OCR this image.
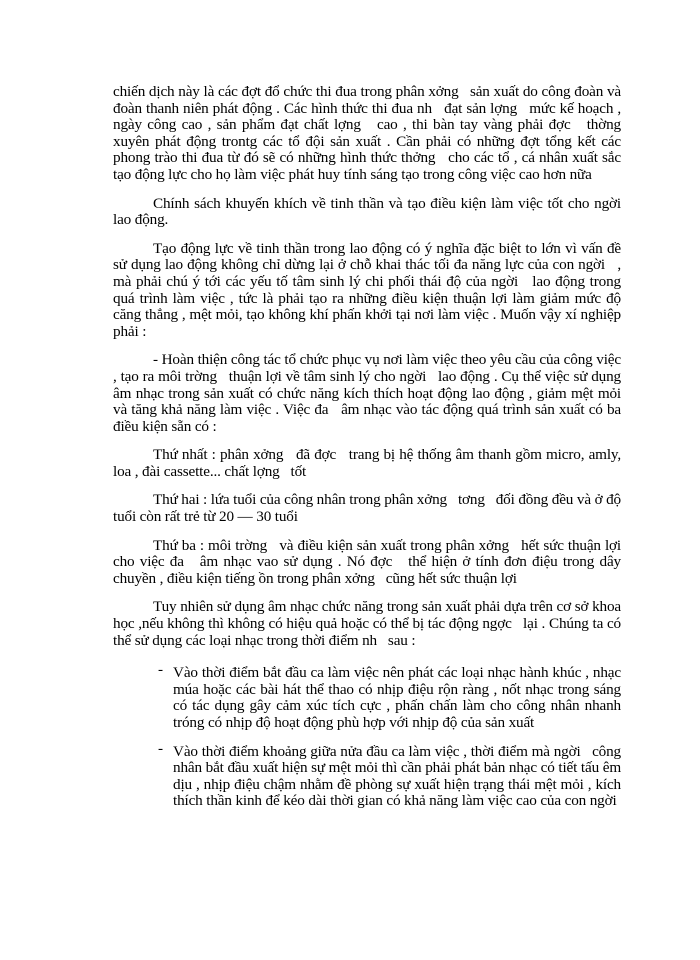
chiến dịch này là các đợt đổ chức thi đua trong phân xởng   sản xuất do công đoàn và đoàn thanh niên phát động . Các hình thức thi đua nh   đạt sản lợng   mức kế hoạch , ngày công cao , sản phẩm đạt chất lợng   cao , thi bàn tay vàng phải đợc   thờng   xuyên phát động trontg các tổ đội sản xuất . Cần phải có những đợt tổng kết các phong trào thi đua từ đó sẽ có những hình thức thởng   cho các tổ , cá nhân xuất sắc tạo động lực cho họ làm việc phát huy tính sáng tạo trong công việc cao hơn nữa

Chính sách khuyến khích về tinh thần và tạo điều kiện làm việc tốt cho ngời   lao động.

Tạo động lực về tinh thần trong lao động có ý nghĩa đặc biệt to lớn vì vấn đề sử dụng lao động không chỉ dừng lại ở chỗ khai thác tối đa năng lực của con ngời   , mà phải chú ý tới các yếu tố tâm sinh lý chi phối thái độ của ngời   lao động trong quá trình làm việc , tức là phải tạo ra những điều kiện thuận lợi làm giảm mức độ căng thẳng , mệt mỏi, tạo không khí phấn khởi tại nơi làm việc . Muốn vậy xí nghiệp phải :

- Hoàn thiện công tác tổ chức phục vụ nơi làm việc theo yêu cầu của công việc , tạo ra môi trờng   thuận lợi về tâm sinh lý cho ngời   lao động . Cụ thể việc sử dụng âm nhạc trong sản xuất có chức năng kích thích hoạt động lao động , giảm mệt mỏi và tăng khả năng làm việc . Việc đa   âm nhạc vào tác động quá trình sản xuất có ba điều kiện sẵn có :

Thứ nhất : phân xởng   đã đợc   trang bị hệ thống âm thanh gồm micro, amly, loa , đài cassette... chất lợng   tốt

Thứ hai : lứa tuổi của công nhân trong phân xởng   tơng   đối đồng đều và ở độ tuổi còn rất trẻ từ 20 — 30 tuổi

Thứ ba : môi trờng   và điều kiện sản xuất trong phân xởng   hết sức thuận lợi cho việc đa   âm nhạc vao sử dụng . Nó đợc   thể hiện ở tính đơn điệu trong dây chuyền , điều kiện tiếng ồn trong phân xởng   cũng hết sức thuận lợi

Tuy nhiên sử dụng âm nhạc chức năng trong sản xuất phải dựa trên cơ sở khoa học ,nếu không thì không có hiệu quả hoặc có thể bị tác động ngợc   lại . Chúng ta có thể sử dụng các loại nhạc trong thời điểm nh   sau :

- Vào thời điểm bắt đầu ca làm việc nên phát các loại nhạc hành khúc , nhạc múa hoặc các bài hát thể thao có nhịp điệu rộn ràng , nốt nhạc trong sáng có tác dụng gây cảm xúc tích cực , phấn chấn làm cho công nhân nhanh tróng có nhịp độ hoạt động phù hợp với nhịp độ của sản xuất
- Vào thời điểm khoảng giữa nửa đầu ca làm việc , thời điểm mà ngời   công nhân bắt đầu xuất hiện sự mệt mỏi thì cần phải phát bản nhạc có tiết tấu êm dịu , nhịp điệu chậm nhằm đề phòng sự xuất hiện trạng thái mệt mỏi , kích thích thần kinh để kéo dài thời gian có khả năng làm việc cao của con ngời
